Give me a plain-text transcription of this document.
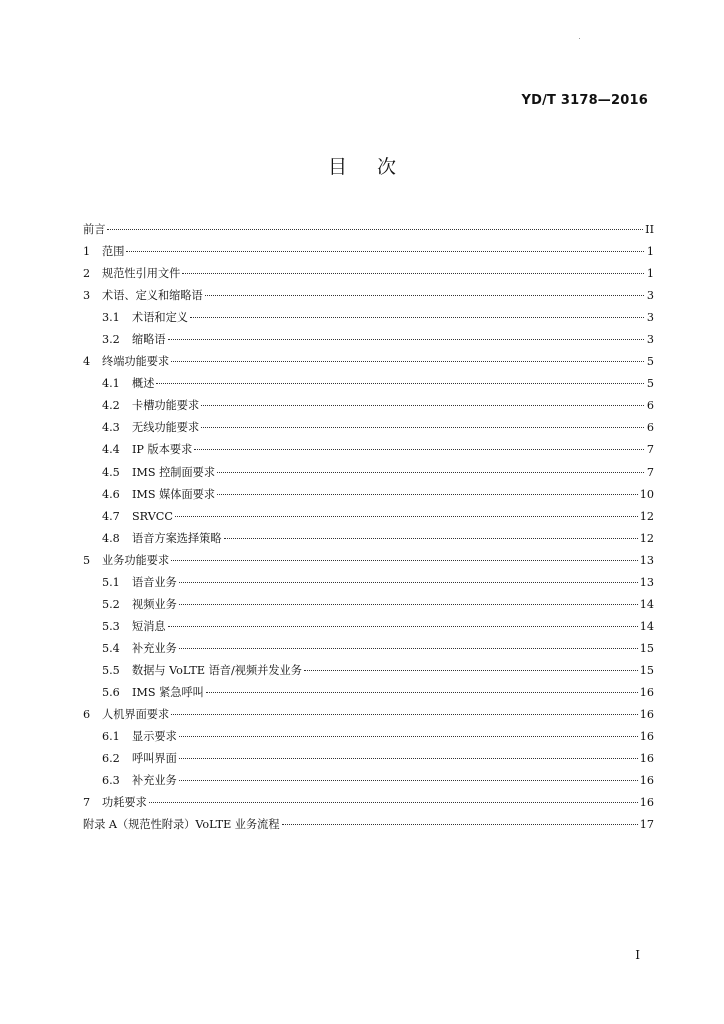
YD/T 3178—2016
目次
前言	II
1	范围	1
2	规范性引用文件	1
3	术语、定义和缩略语	3
3.1	术语和定义	3
3.2	缩略语	3
4	终端功能要求	5
4.1	概述	5
4.2	卡槽功能要求	6
4.3	无线功能要求	6
4.4	IP 版本要求	7
4.5	IMS 控制面要求	7
4.6	IMS 媒体面要求	10
4.7	SRVCC	12
4.8	语音方案选择策略	12
5	业务功能要求	13
5.1	语音业务	13
5.2	视频业务	14
5.3	短消息	14
5.4	补充业务	15
5.5	数据与 VoLTE 语音/视频并发业务	15
5.6	IMS 紧急呼叫	16
6	人机界面要求	16
6.1	显示要求	16
6.2	呼叫界面	16
6.3	补充业务	16
7	功耗要求	16
附录 A（规范性附录）VoLTE 业务流程	17
I
